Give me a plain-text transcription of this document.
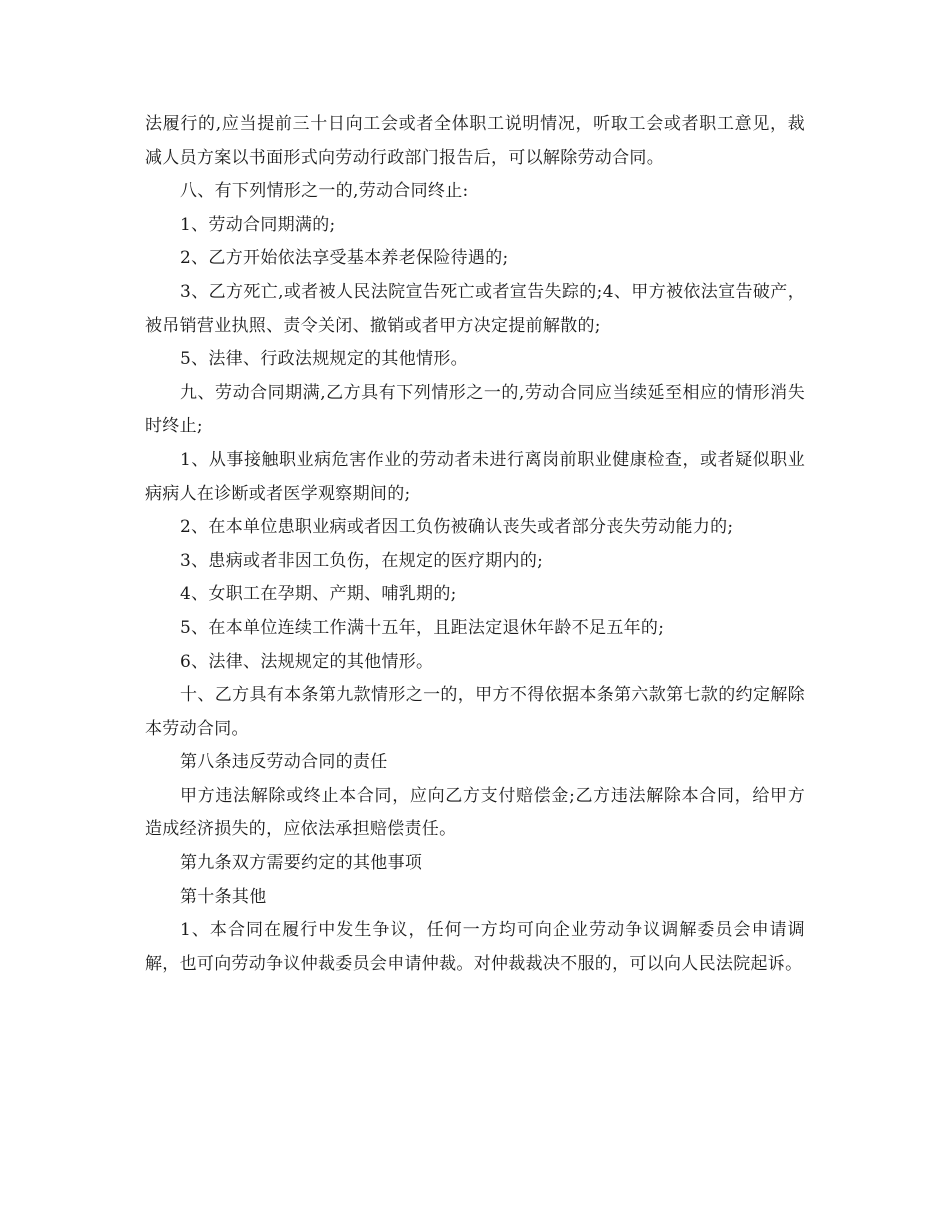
法履行的,应当提前三十日向工会或者全体职工说明情况，听取工会或者职工意见，裁减人员方案以书面形式向劳动行政部门报告后，可以解除劳动合同。

八、有下列情形之一的,劳动合同终止:

1、劳动合同期满的;

2、乙方开始依法享受基本养老保险待遇的;

3、乙方死亡,或者被人民法院宣告死亡或者宣告失踪的;4、甲方被依法宣告破产，被吊销营业执照、责令关闭、撤销或者甲方决定提前解散的;

5、法律、行政法规规定的其他情形。

九、劳动合同期满,乙方具有下列情形之一的,劳动合同应当续延至相应的情形消失时终止;

1、从事接触职业病危害作业的劳动者未进行离岗前职业健康检查，或者疑似职业病病人在诊断或者医学观察期间的;

2、在本单位患职业病或者因工负伤被确认丧失或者部分丧失劳动能力的;

3、患病或者非因工负伤，在规定的医疗期内的;

4、女职工在孕期、产期、哺乳期的;

5、在本单位连续工作满十五年，且距法定退休年龄不足五年的;

6、法律、法规规定的其他情形。

十、乙方具有本条第九款情形之一的，甲方不得依据本条第六款第七款的约定解除本劳动合同。

第八条违反劳动合同的责任

甲方违法解除或终止本合同，应向乙方支付赔偿金;乙方违法解除本合同，给甲方造成经济损失的，应依法承担赔偿责任。

第九条双方需要约定的其他事项

第十条其他

1、本合同在履行中发生争议，任何一方均可向企业劳动争议调解委员会申请调解，也可向劳动争议仲裁委员会申请仲裁。对仲裁裁决不服的，可以向人民法院起诉。
